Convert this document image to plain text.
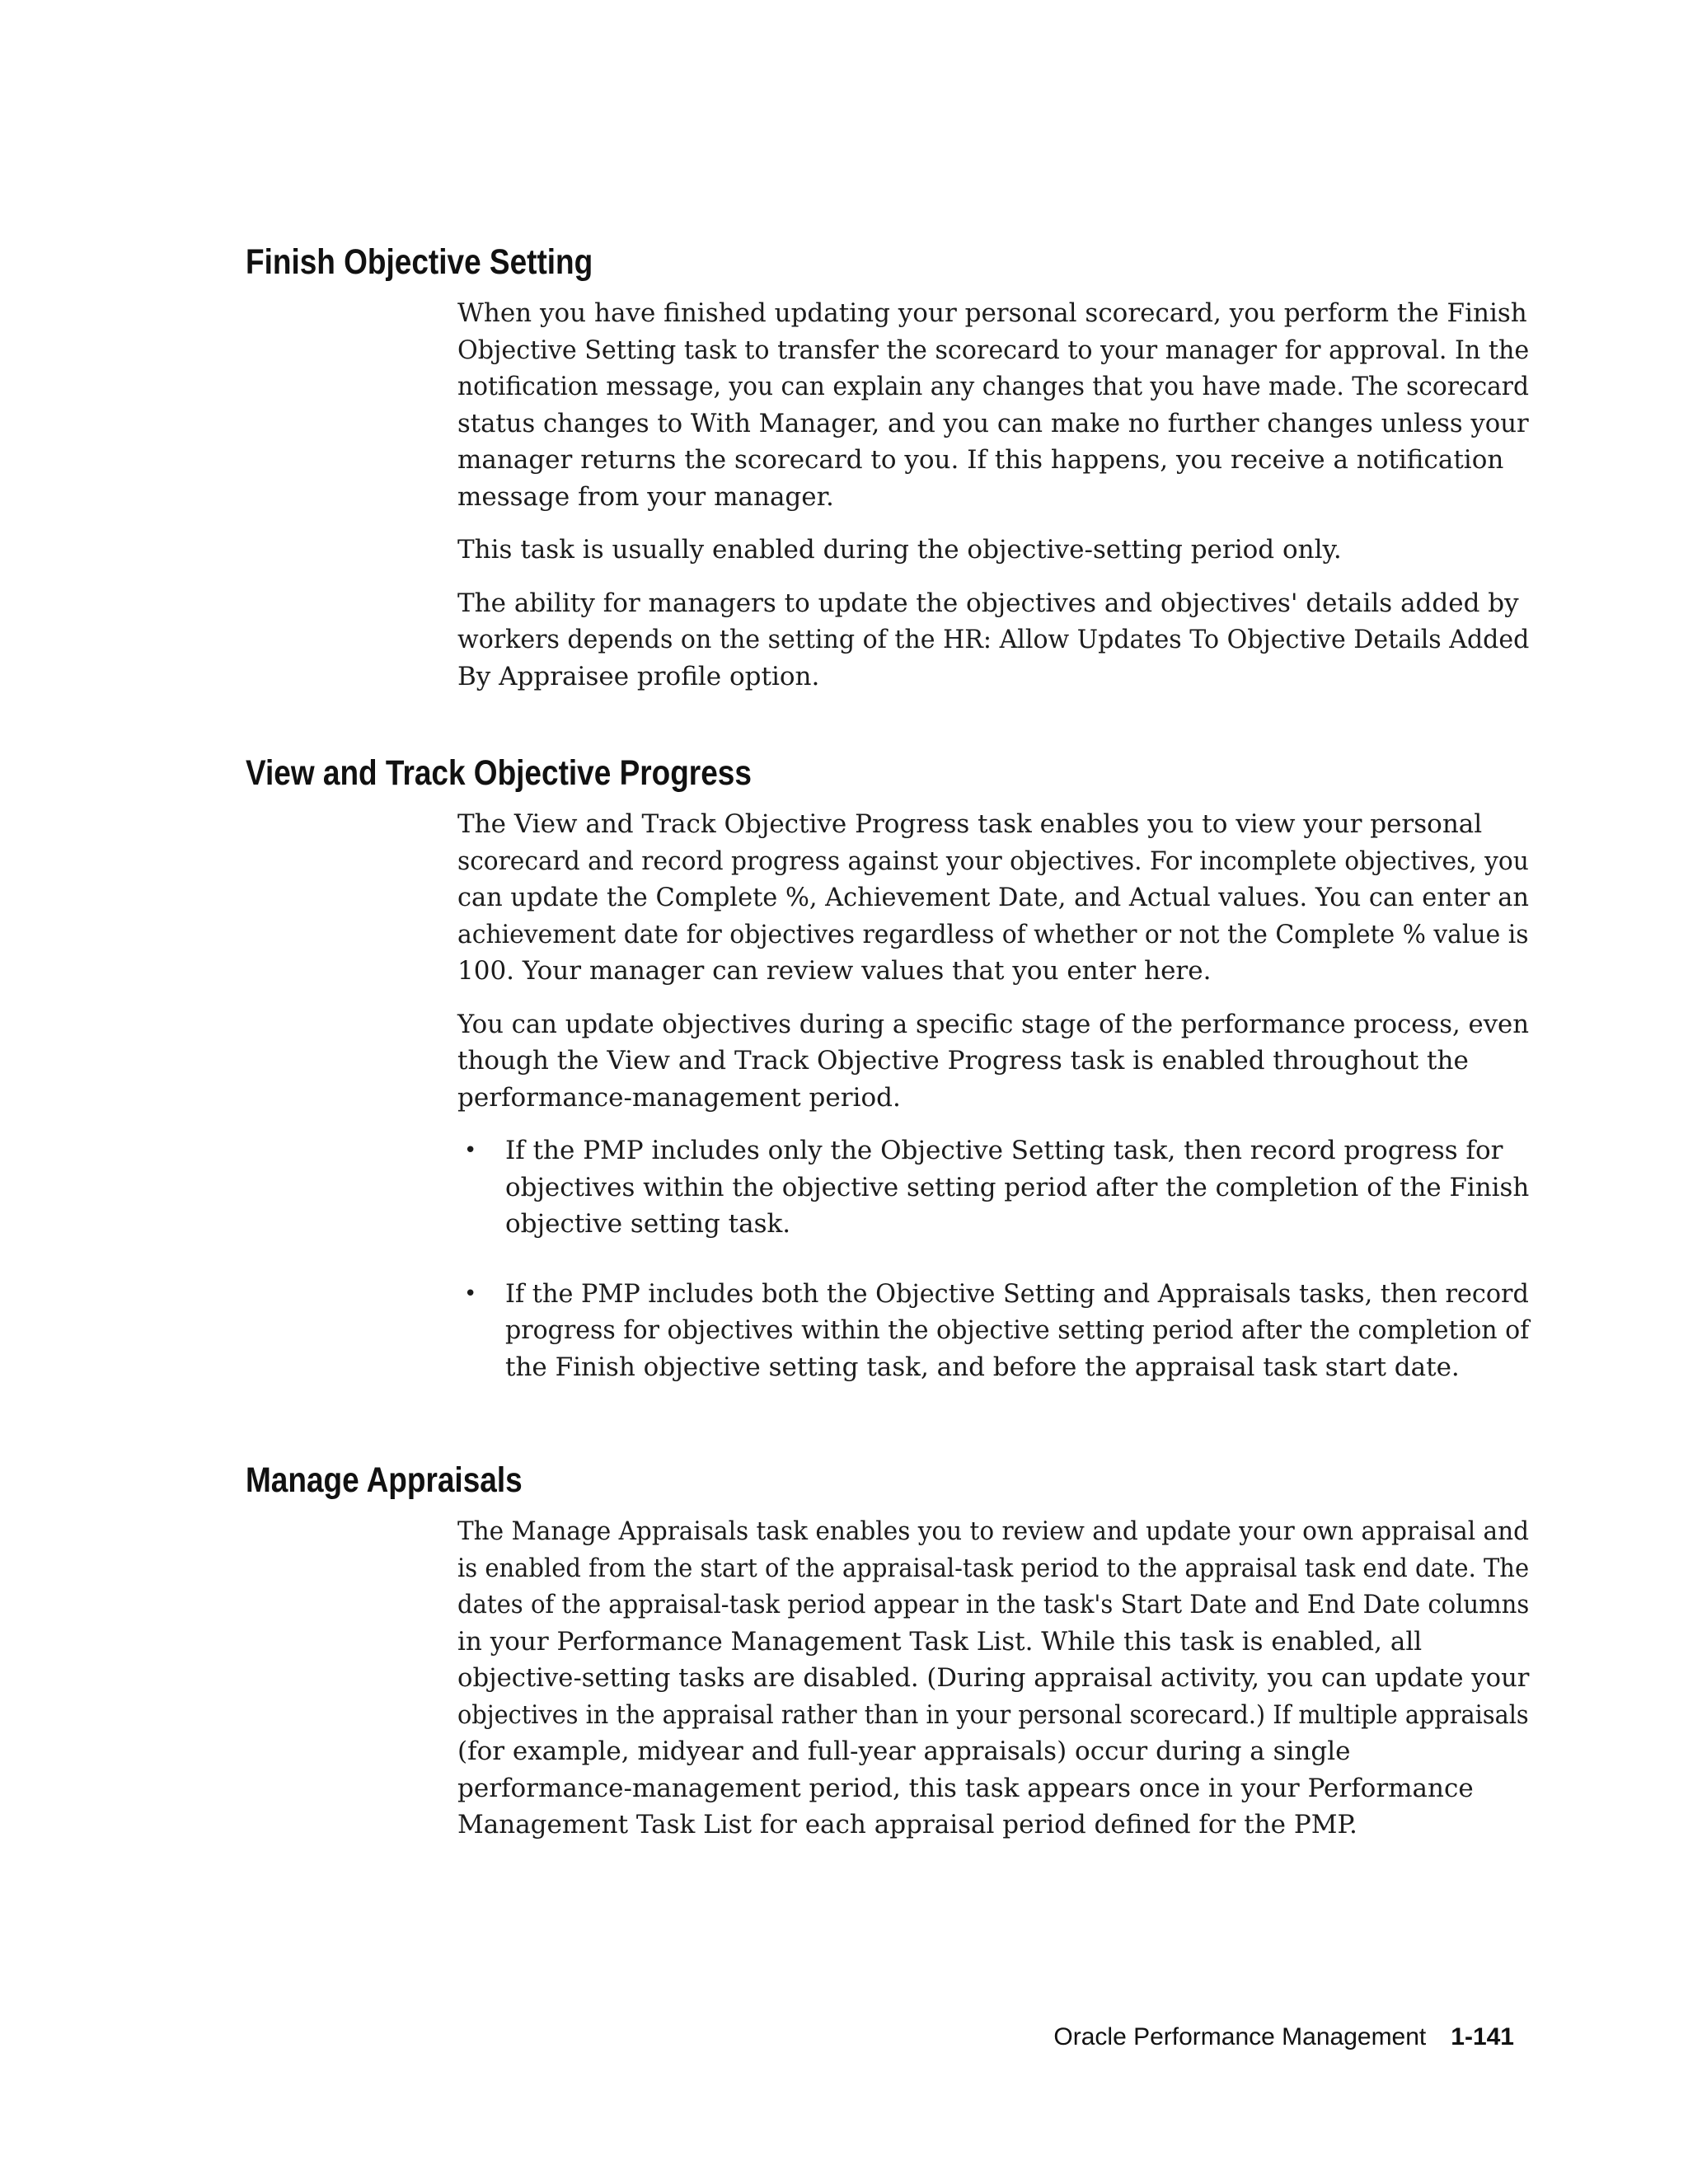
Finish Objective Setting

When you have finished updating your personal scorecard, you perform the Finish
Objective Setting task to transfer the scorecard to your manager for approval. In the
notification message, you can explain any changes that you have made. The scorecard
status changes to With Manager, and you can make no further changes unless your
manager returns the scorecard to you. If this happens, you receive a notification
message from your manager.

This task is usually enabled during the objective-setting period only.

The ability for managers to update the objectives and objectives' details added by
workers depends on the setting of the HR: Allow Updates To Objective Details Added
By Appraisee profile option.

View and Track Objective Progress

The View and Track Objective Progress task enables you to view your personal
scorecard and record progress against your objectives. For incomplete objectives, you
can update the Complete %, Achievement Date, and Actual values. You can enter an
achievement date for objectives regardless of whether or not the Complete % value is
100. Your manager can review values that you enter here.

You can update objectives during a specific stage of the performance process, even
though the View and Track Objective Progress task is enabled throughout the
performance-management period.

• If the PMP includes only the Objective Setting task, then record progress for
objectives within the objective setting period after the completion of the Finish
objective setting task.
• If the PMP includes both the Objective Setting and Appraisals tasks, then record
progress for objectives within the objective setting period after the completion of
the Finish objective setting task, and before the appraisal task start date.
Manage Appraisals

The Manage Appraisals task enables you to review and update your own appraisal and
is enabled from the start of the appraisal-task period to the appraisal task end date. The
dates of the appraisal-task period appear in the task's Start Date and End Date columns
in your Performance Management Task List. While this task is enabled, all
objective-setting tasks are disabled. (During appraisal activity, you can update your
objectives in the appraisal rather than in your personal scorecard.) If multiple appraisals
(for example, midyear and full-year appraisals) occur during a single
performance-management period, this task appears once in your Performance
Management Task List for each appraisal period defined for the PMP.

Oracle Performance Management 1-141
